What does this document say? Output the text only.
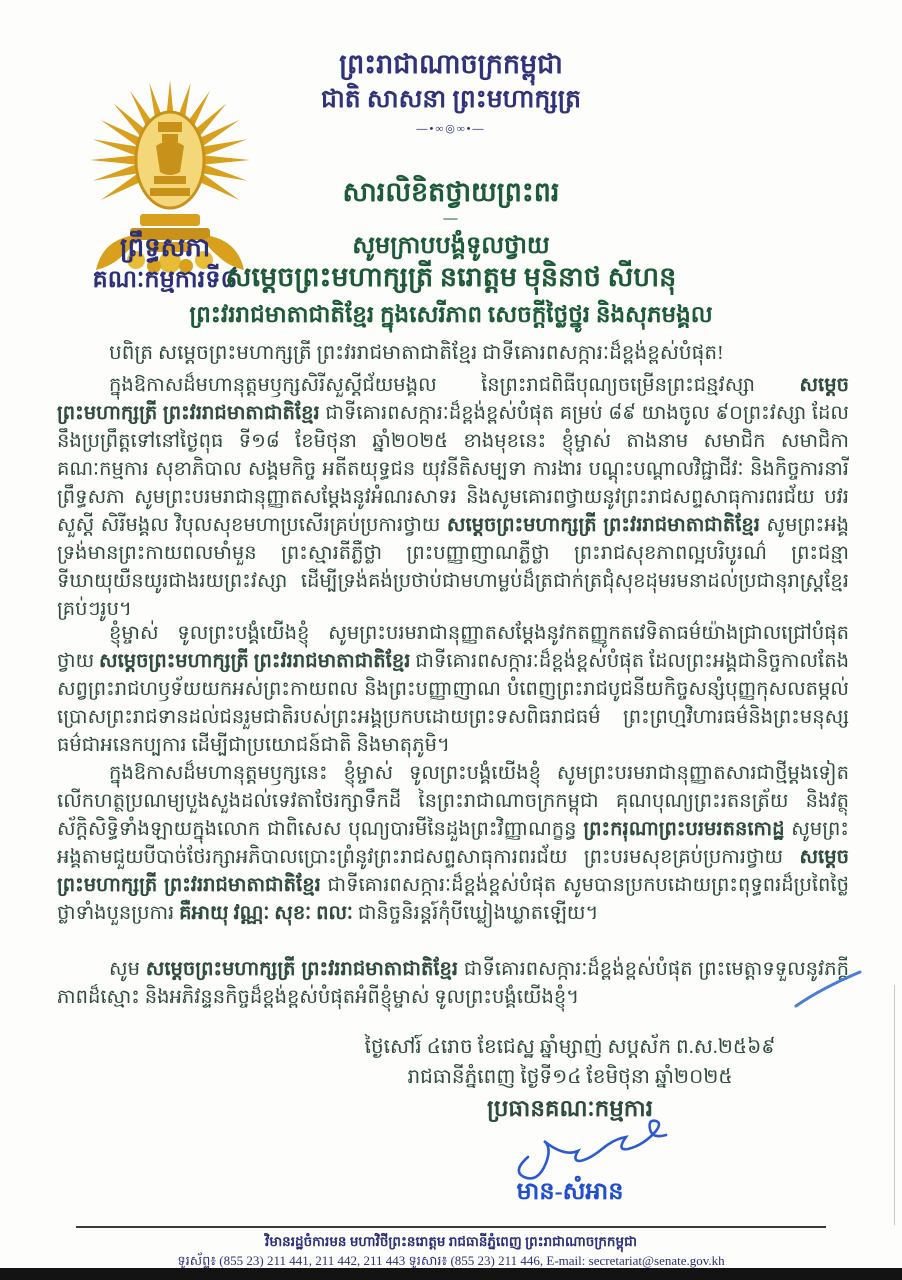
ព្រះរាជាណាចក្រកម្ពុជា
ជាតិ សាសនា ព្រះមហាក្សត្រ
—•∞◎∞•—
ព្រឹទ្ធសភា
គណៈកម្មការទី៨
សារលិខិតថ្វាយព្រះពរ
—
សូមក្រាបបង្គំទូលថ្វាយ
សម្ដេចព្រះមហាក្សត្រី នរោត្តម មុនិនាថ សីហនុ
ព្រះវររាជមាតាជាតិខ្មែរ ក្នុងសេរីភាព សេចក្ដីថ្លៃថ្នូរ និងសុភមង្គល
បពិត្រ សម្ដេចព្រះមហាក្សត្រី ព្រះវររាជមាតាជាតិខ្មែរ ជាទីគោរពសក្ការៈដ៏ខ្ពង់ខ្ពស់បំផុត!
ក្នុងឱកាសដ៏មហានុត្តមឫក្សសិរីសួស្ដីជ័យមង្គល នៃព្រះរាជពិធីបុណ្យចម្រើនព្រះជន្មវស្សា សម្ដេចព្រះមហាក្សត្រី ព្រះវររាជមាតាជាតិខ្មែរ ជាទីគោរពសក្ការៈដ៏ខ្ពង់ខ្ពស់បំផុត គម្រប់ ៨៩ យាងចូល ៩០ព្រះវស្សា ដែលនឹងប្រព្រឹត្តទៅនៅថ្ងៃពុធ ទី១៨ ខែមិថុនា ឆ្នាំ២០២៥ ខាងមុខនេះ ខ្ញុំម្ចាស់ តាងនាម សមាជិក សមាជិកាគណៈកម្មការ សុខាភិបាល សង្គមកិច្ច អតីតយុទ្ធជន យុវនីតិសម្បទា ការងារ បណ្ដុះបណ្ដាលវិជ្ជាជីវៈ និងកិច្ចការនារី ព្រឹទ្ធសភា សូមព្រះបរមរាជានុញ្ញាតសម្ដែងនូវអំណរសាទរ និងសូមគោរពថ្វាយនូវព្រះរាជសព្ទសាធុការពរជ័យ បវរសួស្ដី សិរីមង្គល វិបុលសុខមហាប្រសើរគ្រប់ប្រការថ្វាយ សម្ដេចព្រះមហាក្សត្រី ព្រះវររាជមាតាជាតិខ្មែរ សូមព្រះអង្គទ្រង់មានព្រះកាយពលមាំមួន ព្រះស្មារតីភ្លឺថ្លា ព្រះបញ្ញាញាណភ្លឺថ្លា ព្រះរាជសុខភាពល្អបរិបូរណ៌ ព្រះជន្មាទីឃាយុយឺនយូរជាងរយព្រះវស្សា ដើម្បីទ្រង់គង់ប្រថាប់ជាមហាម្លប់ដ៏ត្រជាក់ត្រជុំសុខដុមរមនាដល់ប្រជានុរាស្ត្រខ្មែរគ្រប់ៗរូប។
ខ្ញុំម្ចាស់ ទូលព្រះបង្គំយើងខ្ញុំ សូមព្រះបរមរាជានុញ្ញាតសម្ដែងនូវកតញ្ញូកតវេទិតាធម៌យ៉ាងជ្រាលជ្រៅបំផុតថ្វាយ សម្ដេចព្រះមហាក្សត្រី ព្រះវររាជមាតាជាតិខ្មែរ ជាទីគោរពសក្ការៈដ៏ខ្ពង់ខ្ពស់បំផុត ដែលព្រះអង្គជានិច្ចកាលតែងសព្វព្រះរាជហឫទ័យយកអស់ព្រះកាយពល និងព្រះបញ្ញាញាណ បំពេញព្រះរាជបូជនីយកិច្ចសន្សំបុញ្ញកុសលតម្កល់ប្រោសព្រះរាជទានដល់ជនរួមជាតិរបស់ព្រះអង្គប្រកបដោយព្រះទសពិធរាជធម៌ ព្រះព្រហ្មវិហារធម៌និងព្រះមនុស្សធម៌ជាអនេកប្បការ ដើម្បីជាប្រយោជន៍ជាតិ និងមាតុភូមិ។
ក្នុងឱកាសដ៏មហានុត្តមឫក្សនេះ ខ្ញុំម្ចាស់ ទូលព្រះបង្គំយើងខ្ញុំ សូមព្រះបរមរាជានុញ្ញាតសារជាថ្មីម្ដងទៀត លើកហត្ថប្រណម្យបួងសួងដល់ទេវតាថែរក្សាទឹកដី នៃព្រះរាជាណាចក្រកម្ពុជា គុណបុណ្យព្រះរតនត្រ័យ និងវត្ថុស័ក្ដិសិទ្ធិទាំងឡាយក្នុងលោក ជាពិសេស បុណ្យបារមីនៃដួងព្រះវិញ្ញាណក្ខន្ធ ព្រះករុណាព្រះបរមរតនកោដ្ឋ សូមព្រះអង្គតាមជួយបីបាច់ថែរក្សាអភិបាលប្រោះព្រំនូវព្រះរាជសព្ទសាធុការពរជ័យ ព្រះបរមសុខគ្រប់ប្រការថ្វាយ សម្ដេចព្រះមហាក្សត្រី ព្រះវររាជមាតាជាតិខ្មែរ ជាទីគោរពសក្ការៈដ៏ខ្ពង់ខ្ពស់បំផុត សូមបានប្រកបដោយព្រះពុទ្ធពរដ៏ប្រពៃថ្លៃថ្លាទាំងបួនប្រការ គឺអាយុ វណ្ណៈ សុខៈ ពលៈ ជានិច្ចនិរន្តរ៍កុំបីឃ្លៀងឃ្លាតឡើយ។
សូម សម្ដេចព្រះមហាក្សត្រី ព្រះវររាជមាតាជាតិខ្មែរ ជាទីគោរពសក្ការៈដ៏ខ្ពង់ខ្ពស់បំផុត ព្រះមេត្តាទទួលនូវភក្ដីភាពដ៏ស្មោះ និងអភិវន្ទនកិច្ចដ៏ខ្ពង់ខ្ពស់បំផុតអំពីខ្ញុំម្ចាស់ ទូលព្រះបង្គំយើងខ្ញុំ។
ថ្ងៃសៅរ៍ ៤រោច ខែជេស្ឋ ឆ្នាំម្សាញ់ សប្តស័ក ព.ស.២៥៦៩
រាជធានីភ្នំពេញ ថ្ងៃទី១៤ ខែមិថុនា ឆ្នាំ២០២៥
ប្រធានគណៈកម្មការ
មាន​-សំអាន
វិមានរដ្ឋចំការមន មហាវិថីព្រះនរោត្តម រាជធានីភ្នំពេញ ព្រះរាជាណាចក្រកម្ពុជា
ទូរស័ព្ទ៖ (855 23) 211 441, 211 442, 211 443 ទូរសារ៖ (855 23) 211 446, E-mail: secretariat@senate.gov.kh
